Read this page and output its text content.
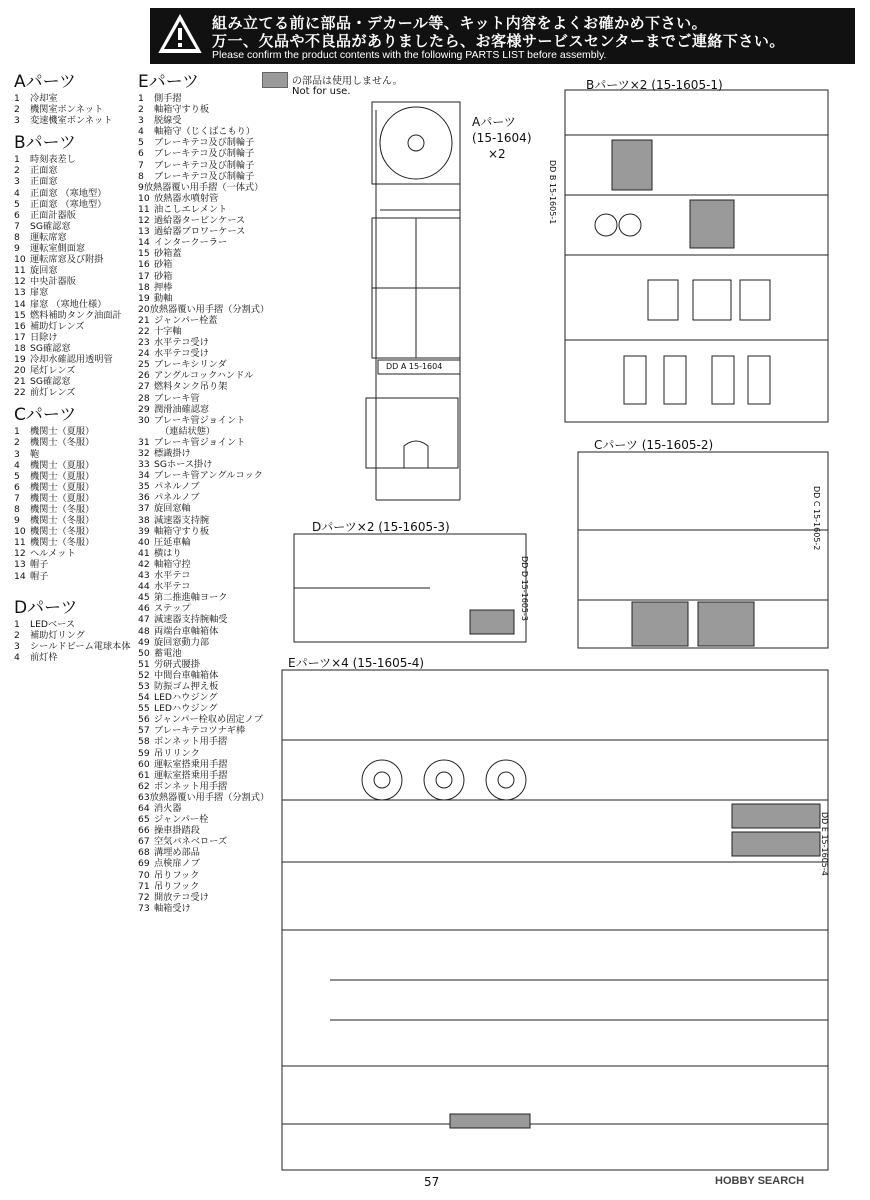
組み立てる前に部品・デカール等、キット内容をよくお確かめ下さい。
万一、欠品や不良品がありましたら、お客様サービスセンターまでご連絡下さい。
Please confirm the product contents with the following PARTS LIST before assembly.
Aパーツ
1	冷却室
2	機関室ボンネット
3	変速機室ボンネット
Bパーツ
1	時刻表差し
2	正面窓
3	正面窓
4	正面窓 （寒地型）
5	正面窓 （寒地型）
6	正面計器版
7	SG確認窓
8	運転席窓
9	運転室側面窓
10 運転席窓及び附掛
11 旋回窓
12 中央計器版
13 扉窓
14 扉窓 （寒地仕様）
15 燃料補助タンク油面計
16 補助灯レンズ
17 日除け
18 SG確認窓
19 冷却水確認用透明管
20 尾灯レンズ
21 SG確認窓
22 前灯レンズ
Cパーツ
1	機関士（夏服）
2	機関士（冬服）
3	鞄
4	機関士（夏服）
5	機関士（夏服）
6	機関士（夏服）
7	機関士（夏服）
8	機関士（冬服）
9	機関士（冬服）
10 機関士（冬服）
11 機関士（冬服）
12 ヘルメット
13 帽子
14 帽子
Dパーツ
1	LEDベース
2	補助灯リング
3	シールドビーム電球本体
4	前灯枠
Eパーツ
1	側手摺
2	軸箱守すり板
3	脱線受
4	軸箱守（じくばこもり）
5	ブレーキテコ及び制輪子
6	ブレーキテコ及び制輪子
7	ブレーキテコ及び制輪子
8	ブレーキテコ及び制輪子
9 放熱器覆い用手摺（一体式）
10 放熱器水噴射管
11 油こしエレメント
12 過給器タービンケース
13 過給器ブロワーケース
14 インタークーラー
15 砂箱蓋
16 砂箱
17 砂箱
18 押棒
19 動軸
20 放熱器覆い用手摺（分割式）
21 ジャンパー栓蓋
22 十字軸
23 水平テコ受け
24 水平テコ受け
25 ブレーキシリンダ
26 アングルコックハンドル
27 燃料タンク吊り架
28 ブレーキ管
29 潤滑油確認窓
30 ブレーキ管ジョイント
（連結状態）
31 ブレーキ管ジョイント
32 標識掛け
33 SGホース掛け
34 ブレーキ管アングルコック
35 パネルノブ
36 パネルノブ
37 旋回窓軸
38 減速器支持腕
39 軸箱守すり板
40 圧延車輪
41 横はり
42 軸箱守控
43 水平テコ
44 水平テコ
45 第二推進軸ヨーク
46 ステップ
47 減速器支持腕軸受
48 両端台車軸箱体
49 旋回窓動力部
50 蓄電池
51 労研式腰掛
52 中間台車軸箱体
53 防振ゴム押え板
54 LEDハウジング
55 LEDハウジング
56 ジャンパー栓収め固定ノブ
57 ブレーキテコツナギ棒
58 ボンネット用手摺
59 吊リリンク
60 運転室搭乗用手摺
61 運転室搭乗用手摺
62 ボンネット用手摺
63 放熱器覆い用手摺（分割式）
64 消火器
65 ジャンパー栓
66 操車掛踏段
67 空気バネベローズ
68 溝埋め部品
69 点検扉ノブ
70 吊りフック
71 吊りフック
72 開放テコ受け
73 軸箱受け
の部品は使用しません。
Not for use.
Aパーツ
(15-1604)
×2
DD A 15-1604
Bパーツ×2 (15-1605-1)
DD B 15-1605-1
Cパーツ (15-1605-2)
DD C 15-1605-2
Dパーツ×2 (15-1605-3)
DD D 15-1605-3
Eパーツ×4 (15-1605-4)
DD E 15-1605-4
57	HOBBY SEARCH
